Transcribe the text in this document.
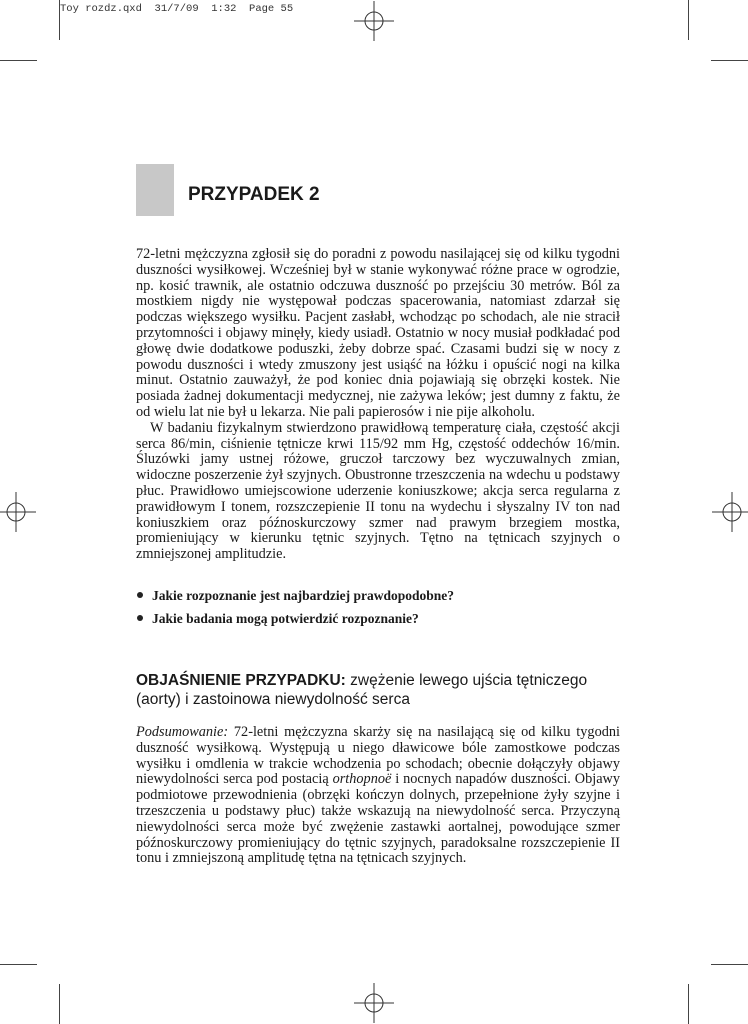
Toy rozdz.qxd  31/7/09  1:32  Page 55
PRZYPADEK 2

72-letni mężczyzna zgłosił się do poradni z powodu nasilającej się od kilku tygodni duszności wysiłkowej. Wcześniej był w stanie wykonywać różne prace w ogrodzie, np. kosić trawnik, ale ostatnio odczuwa duszność po przejściu 30 metrów. Ból za mostkiem nigdy nie występował podczas spacerowania, natomiast zdarzał się podczas większego wysiłku. Pacjent zasłabł, wchodząc po schodach, ale nie stracił przytomności i objawy minęły, kiedy usiadł. Ostatnio w nocy musiał podkładać pod głowę dwie dodatkowe poduszki, żeby dobrze spać. Czasami budzi się w nocy z powodu duszności i wtedy zmuszony jest usiąść na łóżku i opuścić nogi na kilka minut. Ostatnio zauważył, że pod koniec dnia pojawiają się obrzęki kostek. Nie posiada żadnej dokumentacji medycznej, nie zażywa leków; jest dumny z faktu, że od wielu lat nie był u lekarza. Nie pali papierosów i nie pije alkoholu.

W badaniu fizykalnym stwierdzono prawidłową temperaturę ciała, częstość akcji serca 86/min, ciśnienie tętnicze krwi 115/92 mm Hg, częstość oddechów 16/min. Śluzówki jamy ustnej różowe, gruczoł tarczowy bez wyczuwalnych zmian, widoczne poszerzenie żył szyjnych. Obustronne trzeszczenia na wdechu u podstawy płuc. Prawidłowo umiejscowione uderzenie koniuszkowe; akcja serca regularna z prawidłowym I tonem, rozszczepienie II tonu na wydechu i słyszalny IV ton nad koniuszkiem oraz późnoskurczowy szmer nad prawym brzegiem mostka, promieniujący w kierunku tętnic szyjnych. Tętno na tętnicach szyjnych o zmniejszonej amplitudzie.

Jakie rozpoznanie jest najbardziej prawdopodobne?
Jakie badania mogą potwierdzić rozpoznanie?
OBJAŚNIENIE PRZYPADKU: zwężenie lewego ujścia tętniczego (aorty) i zastoinowa niewydolność serca

Podsumowanie: 72-letni mężczyzna skarży się na nasilającą się od kilku tygodni duszność wysiłkową. Występują u niego dławicowe bóle zamostkowe podczas wysiłku i omdlenia w trakcie wchodzenia po schodach; obecnie dołączyły objawy niewydolności serca pod postacią orthopnoë i nocnych napadów duszności. Objawy podmiotowe przewodnienia (obrzęki kończyn dolnych, przepełnione żyły szyjne i trzeszczenia u podstawy płuc) także wskazują na niewydolność serca. Przyczyną niewydolności serca może być zwężenie zastawki aortalnej, powodujące szmer późnoskurczowy promieniujący do tętnic szyjnych, paradoksalne rozszczepienie II tonu i zmniejszoną amplitudę tętna na tętnicach szyjnych.
